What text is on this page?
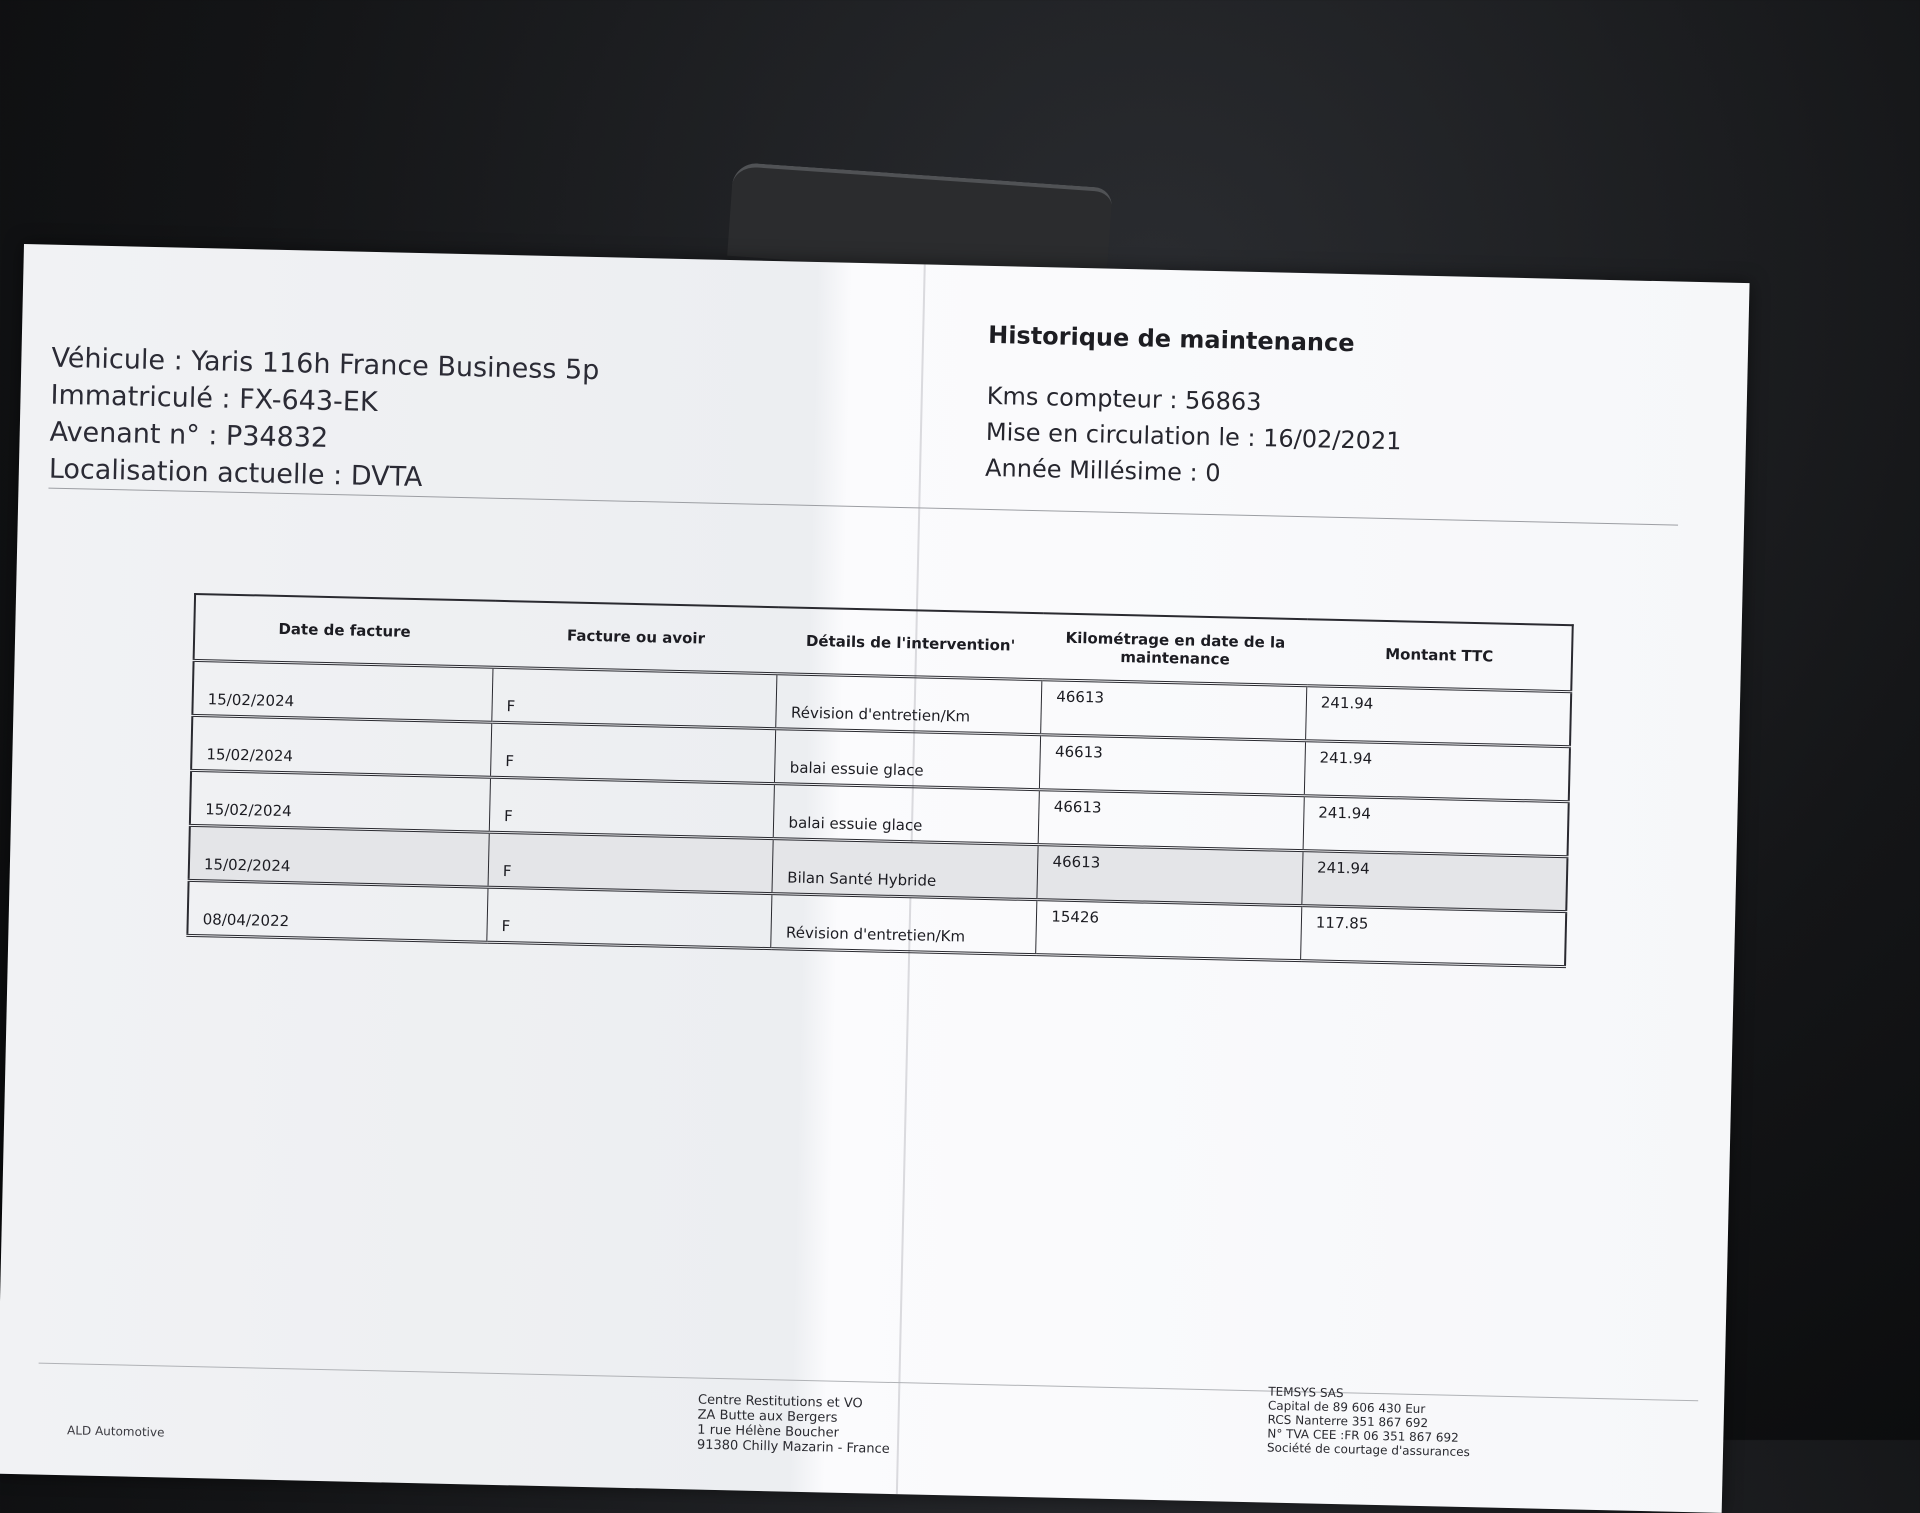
Véhicule : Yaris 116h France Business 5p
Immatriculé : FX-643-EK
Avenant n° : P34832
Localisation actuelle : DVTA
Historique de maintenance
Kms compteur : 56863
Mise en circulation le : 16/02/2021
Année Millésime : 0
Date de facture	Facture ou avoir	Détails de l'intervention'	Kilométrage en date de la maintenance	Montant TTC
15/02/2024	F	Révision d'entretien/Km	46613	241.94
15/02/2024	F	balai essuie glace	46613	241.94
15/02/2024	F	balai essuie glace	46613	241.94
15/02/2024	F	Bilan Santé Hybride	46613	241.94
08/04/2022	F	Révision d'entretien/Km	15426	117.85
Centre Restitutions et VO
ZA Butte aux Bergers
1 rue Hélène Boucher
91380 Chilly Mazarin - France
TEMSYS SAS
Capital de 89 606 430 Eur
RCS Nanterre 351 867 692
N° TVA CEE :FR 06 351 867 692
Société de courtage d'assurances
ALD Automotive
